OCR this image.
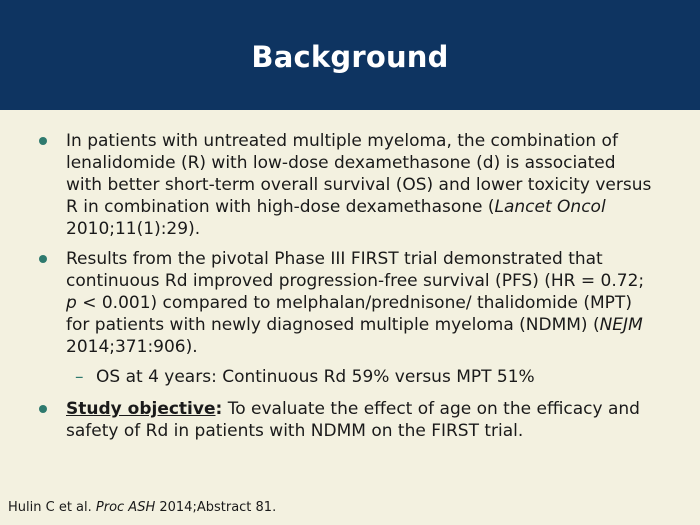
Background
In patients with untreated multiple myeloma, the combination of lenalidomide (R) with low-dose dexamethasone (d) is associated with better short-term overall survival (OS) and lower toxicity versus R in combination with high-dose dexamethasone (Lancet Oncol 2010;11(1):29).
Results from the pivotal Phase III FIRST trial demonstrated that continuous Rd improved progression-free survival (PFS) (HR = 0.72; p < 0.001) compared to melphalan/prednisone/ thalidomide (MPT) for patients with newly diagnosed multiple myeloma (NDMM) (NEJM 2014;371:906).
– OS at 4 years: Continuous Rd 59% versus MPT 51%
Study objective: To evaluate the effect of age on the efficacy and safety of Rd in patients with NDMM on the FIRST trial.
Hulin C et al. Proc ASH 2014;Abstract 81.
